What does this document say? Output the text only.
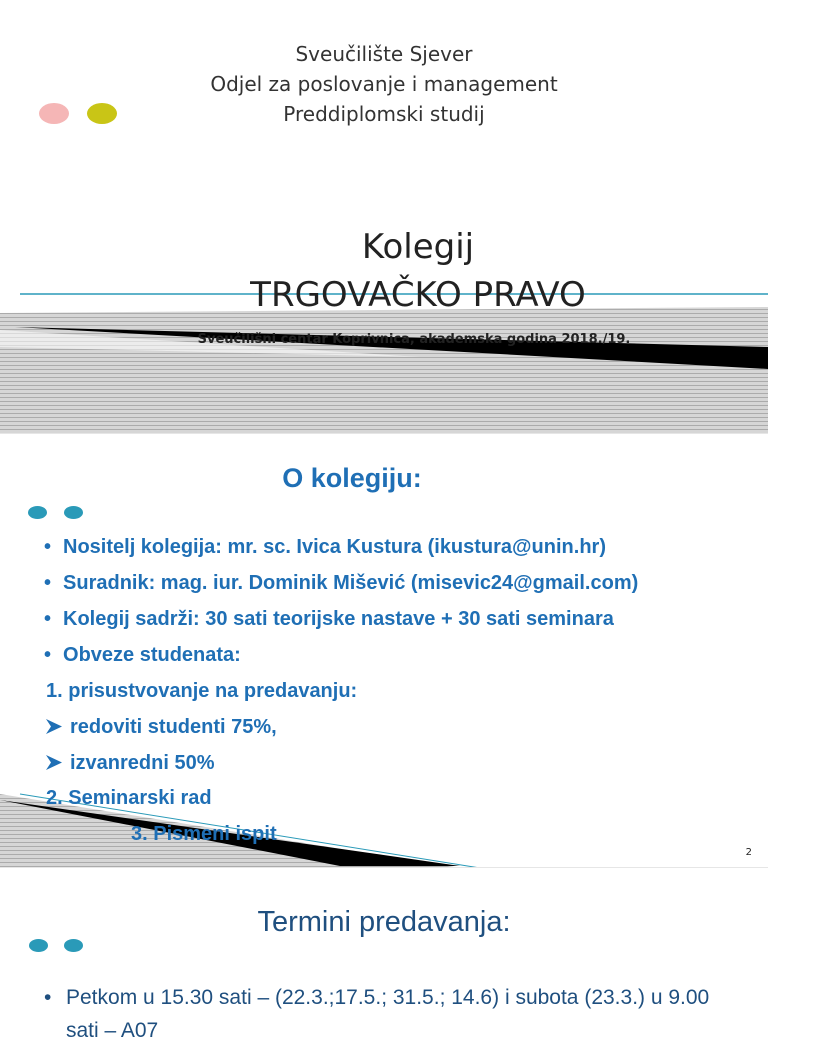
Sveučilište Sjever
Odjel za poslovanje i management
Preddiplomski studij
Kolegij
TRGOVAČKO PRAVO
Sveučilišni centar Koprivnica, akademska godina 2018./19.
O kolegiju:
• Nositelj kolegija: mr. sc. Ivica Kustura (ikustura@unin.hr)
• Suradnik: mag. iur. Dominik Mišević (misevic24@gmail.com)
• Kolegij sadrži: 30 sati teorijske nastave + 30 sati seminara
• Obveze studenata:
1. prisustvovanje na predavanju:
redoviti studenti 75%,
izvanredni 50%
2. Seminarski rad
3. Pismeni ispit
2
Termini predavanja:
• Petkom u 15.30 sati – (22.3.;17.5.; 31.5.; 14.6) i subota (23.3.) u 9.00 sati – A07
